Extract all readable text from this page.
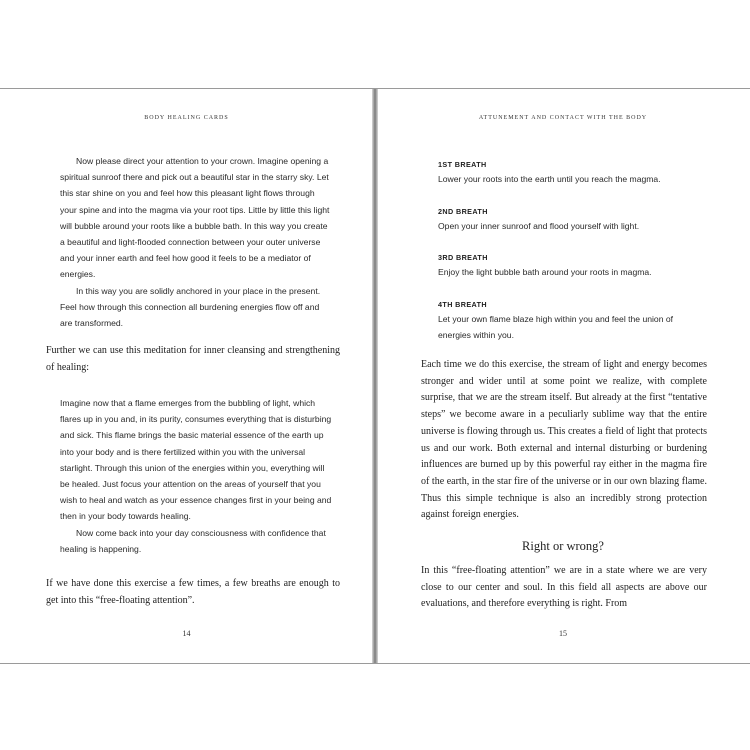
BODY HEALING CARDS

Now please direct your attention to your crown. Imagine opening a spiritual sunroof there and pick out a beautiful star in the starry sky. Let this star shine on you and feel how this pleasant light flows through your spine and into the magma via your root tips. Little by little this light will bubble around your roots like a bubble bath. In this way you create a beautiful and light-flooded connection between your outer universe and your inner earth and feel how good it feels to be a mediator of energies.

In this way you are solidly anchored in your place in the present. Feel how through this connection all burdening energies flow off and are transformed.

Further we can use this meditation for inner cleansing and strengthening of healing:

Imagine now that a flame emerges from the bubbling of light, which flares up in you and, in its purity, consumes everything that is disturbing and sick. This flame brings the basic material essence of the earth up into your body and is there fertilized within you with the universal starlight. Through this union of the energies within you, everything will be healed. Just focus your attention on the areas of yourself that you wish to heal and watch as your essence changes first in your being and then in your body towards healing.

Now come back into your day consciousness with confidence that healing is happening.

If we have done this exercise a few times, a few breaths are enough to get into this “free-floating attention”.
14
ATTUNEMENT AND CONTACT WITH THE BODY
1ST BREATH
Lower your roots into the earth until you reach the magma.
2ND BREATH
Open your inner sunroof and flood yourself with light.
3RD BREATH
Enjoy the light bubble bath around your roots in magma.
4TH BREATH
Let your own flame blaze high within you and feel the union of energies within you.
Each time we do this exercise, the stream of light and energy becomes stronger and wider until at some point we realize, with complete surprise, that we are the stream itself. But already at the first “tentative steps” we become aware in a peculiarly sublime way that the entire universe is flowing through us. This creates a field of light that protects us and our work. Both external and internal disturbing or burdening influences are burned up by this powerful ray either in the magma fire of the earth, in the star fire of the universe or in our own blazing flame. Thus this simple technique is also an incredibly strong protection against foreign energies.
Right or wrong?
In this “free-floating attention” we are in a state where we are very close to our center and soul. In this field all aspects are above our evaluations, and therefore everything is right. From
15
